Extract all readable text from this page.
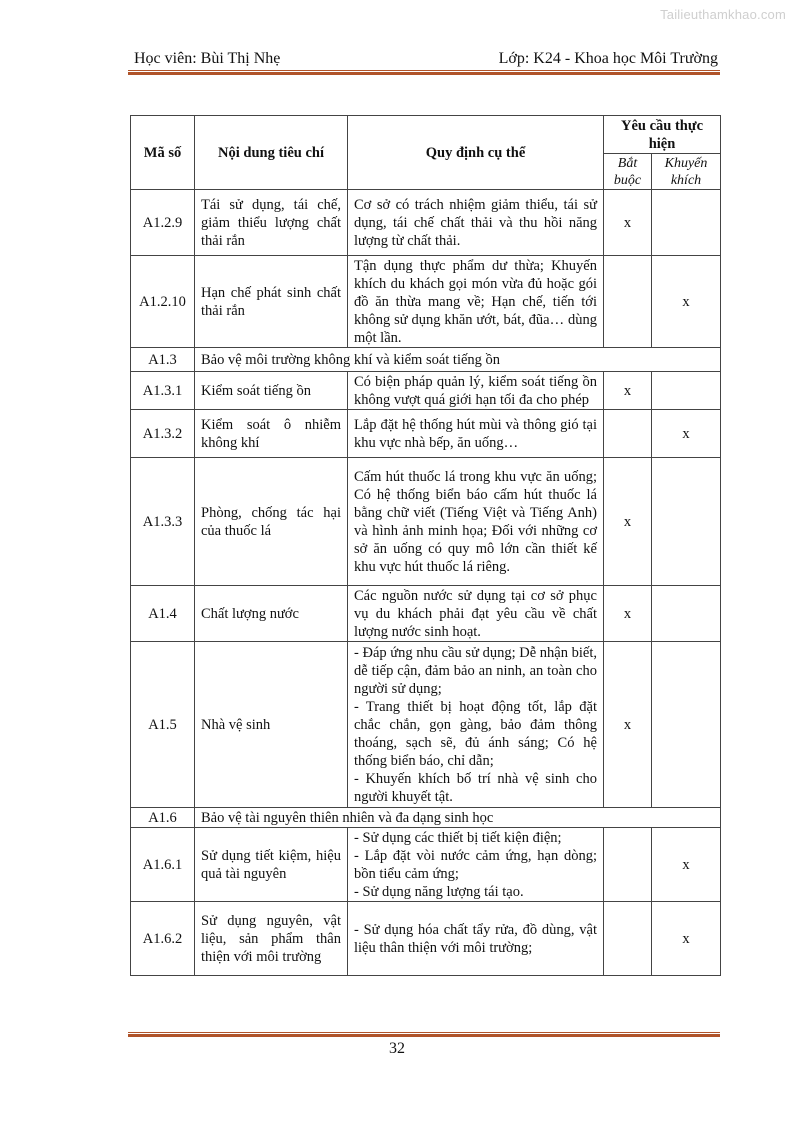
Tailieuthamkhao.com
Học viên: Bùi Thị Nhẹ	Lớp: K24 - Khoa học Môi Trường
Mã số	Nội dung tiêu chí	Quy định cụ thể	Yêu cầu thực hiện	
			Bắt buộc	Khuyến khích
A1.2.9	Tái sử dụng, tái chế, giảm thiểu lượng chất thải rắn	Cơ sở có trách nhiệm giảm thiểu, tái sử dụng, tái chế chất thải và thu hồi năng lượng từ chất thải.	x	
A1.2.10	Hạn chế phát sinh chất thải rắn	Tận dụng thực phẩm dư thừa; Khuyến khích du khách gọi món vừa đủ hoặc gói đồ ăn thừa mang về; Hạn chế, tiến tới không sử dụng khăn ướt, bát, đũa… dùng một lần.		x
A1.3	Bảo vệ môi trường không khí và kiểm soát tiếng ồn			
A1.3.1	Kiểm soát tiếng ồn	Có biện pháp quản lý, kiểm soát tiếng ồn không vượt quá giới hạn tối đa cho phép	x	
A1.3.2	Kiểm soát ô nhiễm không khí	Lắp đặt hệ thống hút mùi và thông gió tại khu vực nhà bếp, ăn uống…		x
A1.3.3	Phòng, chống tác hại của thuốc lá	Cấm hút thuốc lá trong khu vực ăn uống; Có hệ thống biển báo cấm hút thuốc lá bằng chữ viết (Tiếng Việt và Tiếng Anh) và hình ảnh minh họa; Đối với những cơ sở ăn uống có quy mô lớn cần thiết kế khu vực hút thuốc lá riêng.	x	
A1.4	Chất lượng nước	Các nguồn nước sử dụng tại cơ sở phục vụ du khách phải đạt yêu cầu về chất lượng nước sinh hoạt.	x	
A1.5	Nhà vệ sinh	- Đáp ứng nhu cầu sử dụng; Dễ nhận biết, dễ tiếp cận, đảm bảo an ninh, an toàn cho người sử dụng;
- Trang thiết bị hoạt động tốt, lắp đặt chắc chắn, gọn gàng, bảo đảm thông thoáng, sạch sẽ, đủ ánh sáng; Có hệ thống biển báo, chỉ dẫn;
- Khuyến khích bố trí nhà vệ sinh cho người khuyết tật.	x	
A1.6	Bảo vệ tài nguyên thiên nhiên và đa dạng sinh học			
A1.6.1	Sử dụng tiết kiệm, hiệu quả tài nguyên	- Sử dụng các thiết bị tiết kiện điện;
- Lắp đặt vòi nước cảm ứng, hạn dòng; bồn tiểu cảm ứng;
- Sử dụng năng lượng tái tạo.		x
A1.6.2	Sử dụng nguyên, vật liệu, sản phẩm thân thiện với môi trường	- Sử dụng hóa chất tẩy rửa, đồ dùng, vật liệu thân thiện với môi trường;		x
32
